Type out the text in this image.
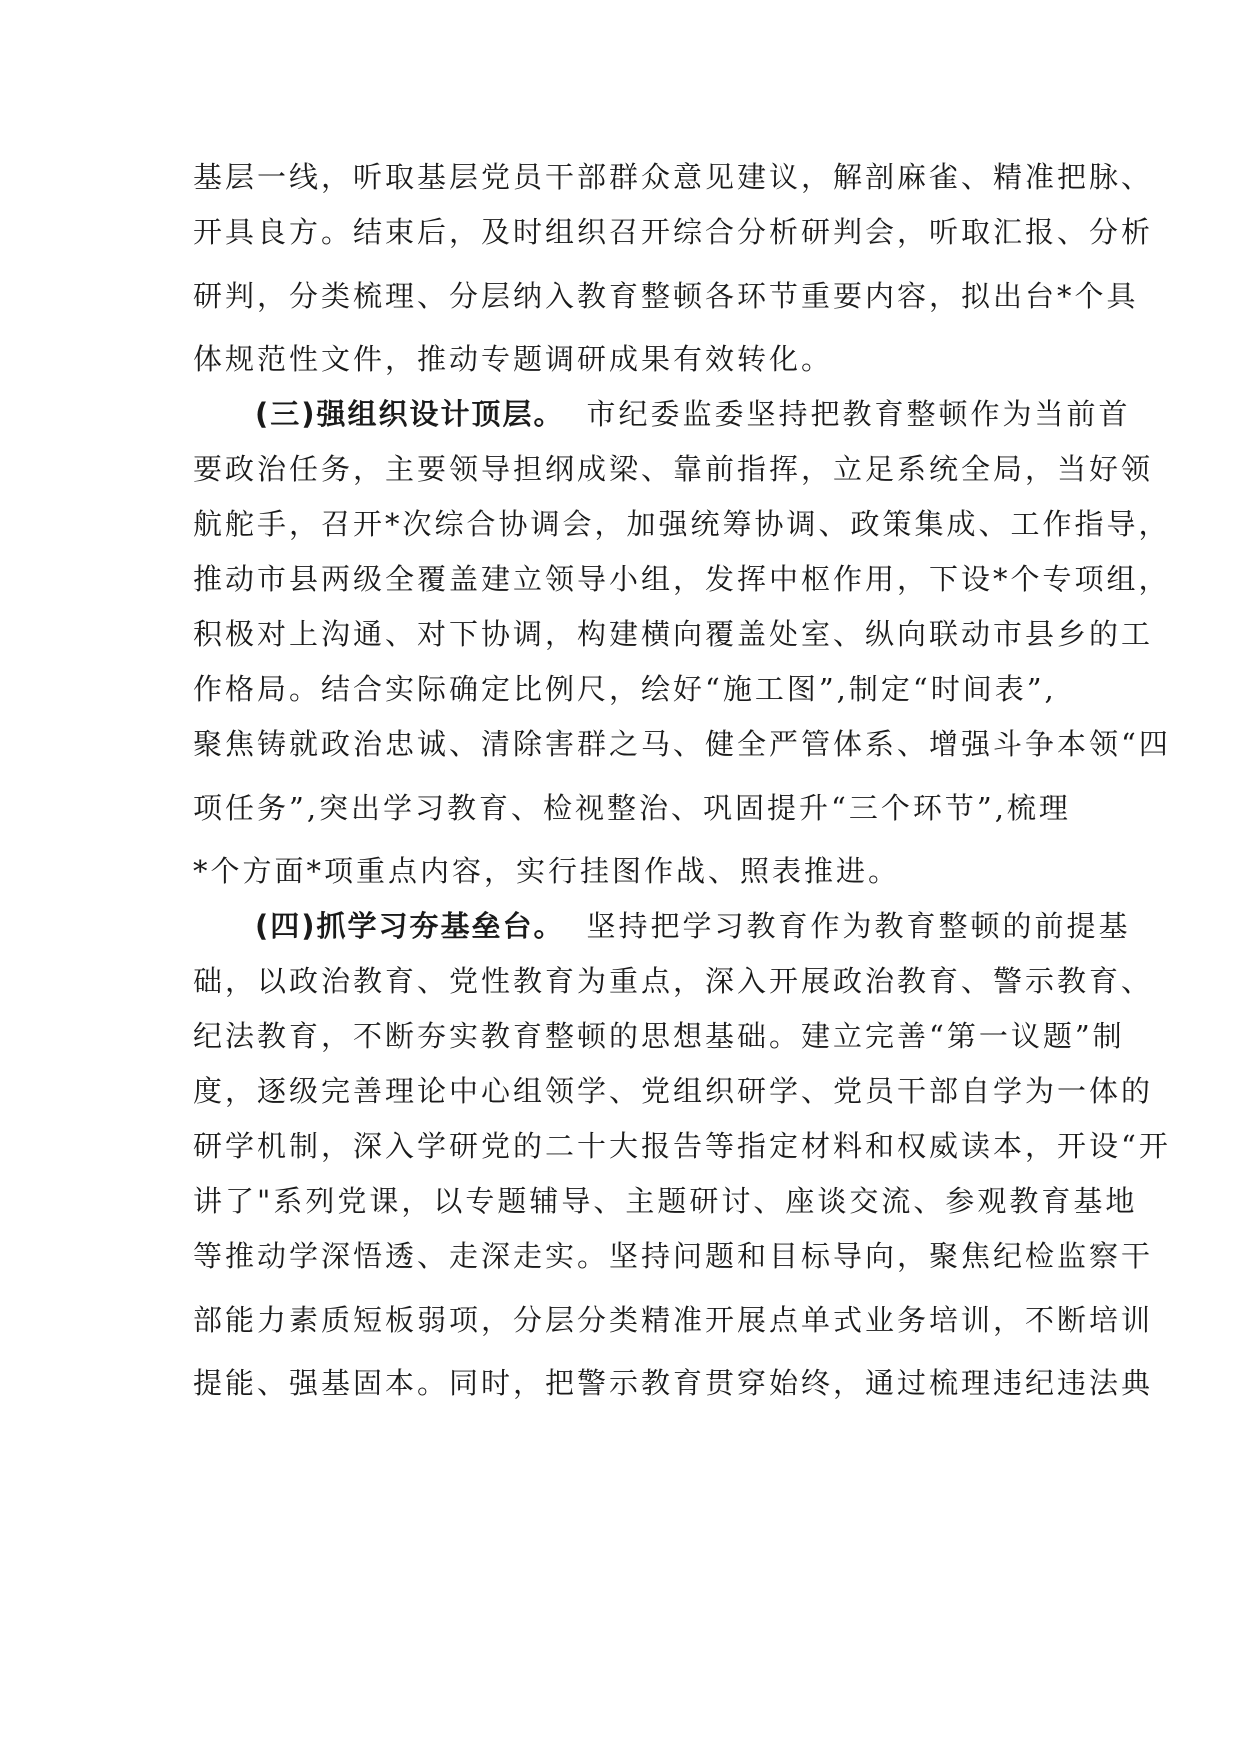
基层一线，听取基层党员干部群众意见建议，解剖麻雀、精准把脉、
开具良方。结束后，及时组织召开综合分析研判会，听取汇报、分析
研判，分类梳理、分层纳入教育整顿各环节重要内容，拟出台*个具
体规范性文件，推动专题调研成果有效转化。
(三)强组织设计顶层。 市纪委监委坚持把教育整顿作为当前首
要政治任务，主要领导担纲成梁、靠前指挥，立足系统全局，当好领
航舵手，召开*次综合协调会，加强统筹协调、政策集成、工作指导，
推动市县两级全覆盖建立领导小组，发挥中枢作用，下设*个专项组，
积极对上沟通、对下协调，构建横向覆盖处室、纵向联动市县乡的工
作格局。结合实际确定比例尺，绘好“施工图”,制定“时间表”,
聚焦铸就政治忠诚、清除害群之马、健全严管体系、增强斗争本领“四
项任务”,突出学习教育、检视整治、巩固提升“三个环节”,梳理
*个方面*项重点内容，实行挂图作战、照表推进。
(四)抓学习夯基垒台。 坚持把学习教育作为教育整顿的前提基
础，以政治教育、党性教育为重点，深入开展政治教育、警示教育、
纪法教育，不断夯实教育整顿的思想基础。建立完善“第一议题”制
度，逐级完善理论中心组领学、党组织研学、党员干部自学为一体的
研学机制，深入学研党的二十大报告等指定材料和权威读本，开设“开
讲了"系列党课，以专题辅导、主题研讨、座谈交流、参观教育基地
等推动学深悟透、走深走实。坚持问题和目标导向，聚焦纪检监察干
部能力素质短板弱项，分层分类精准开展点单式业务培训，不断培训
提能、强基固本。同时，把警示教育贯穿始终，通过梳理违纪违法典
